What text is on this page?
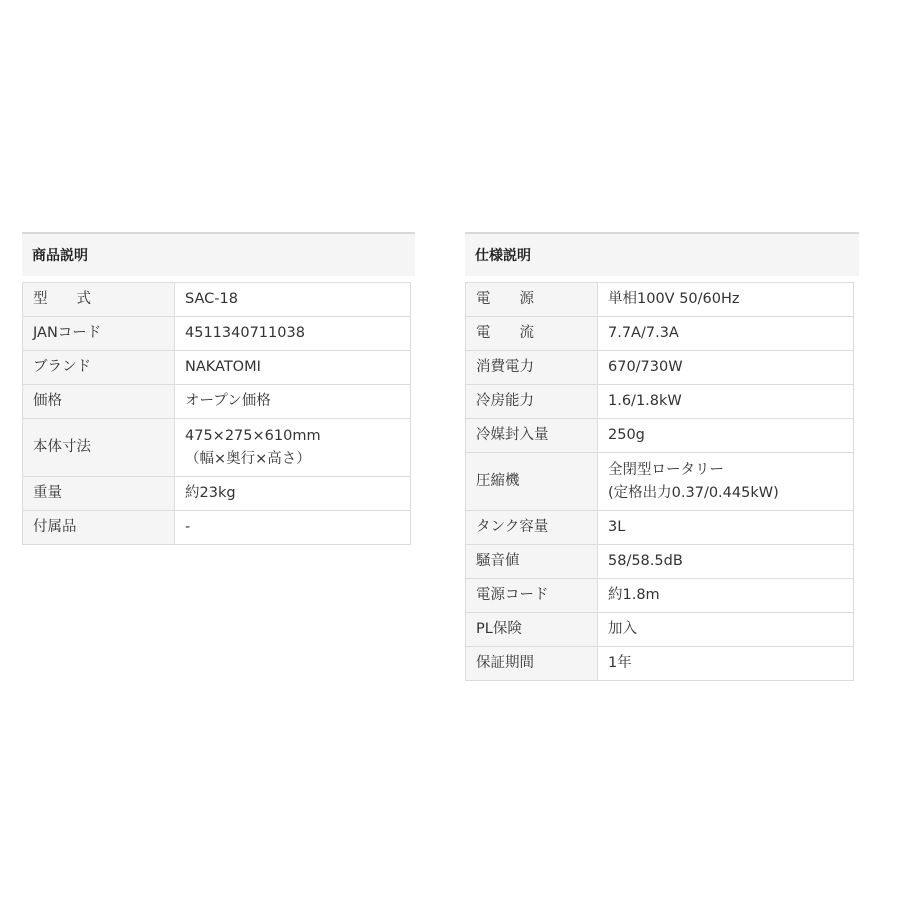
商品説明
型　　式	SAC-18
JANコード	4511340711038
ブランド	NAKATOMI
価格	オープン価格
本体寸法	475×275×610mm
（幅×奥行×高さ）

重量	約23kg
付属品	-
仕様説明
電　　源	単相100V 50/60Hz
電　　流	7.7A/7.3A
消費電力	670/730W
冷房能力	1.6/1.8kW
冷媒封入量	250g
圧縮機	全閉型ロータリー
(定格出力0.37/0.445kW)

タンク容量	3L
騒音値	58/58.5dB
電源コード	約1.8m
PL保険	加入
保証期間	1年
